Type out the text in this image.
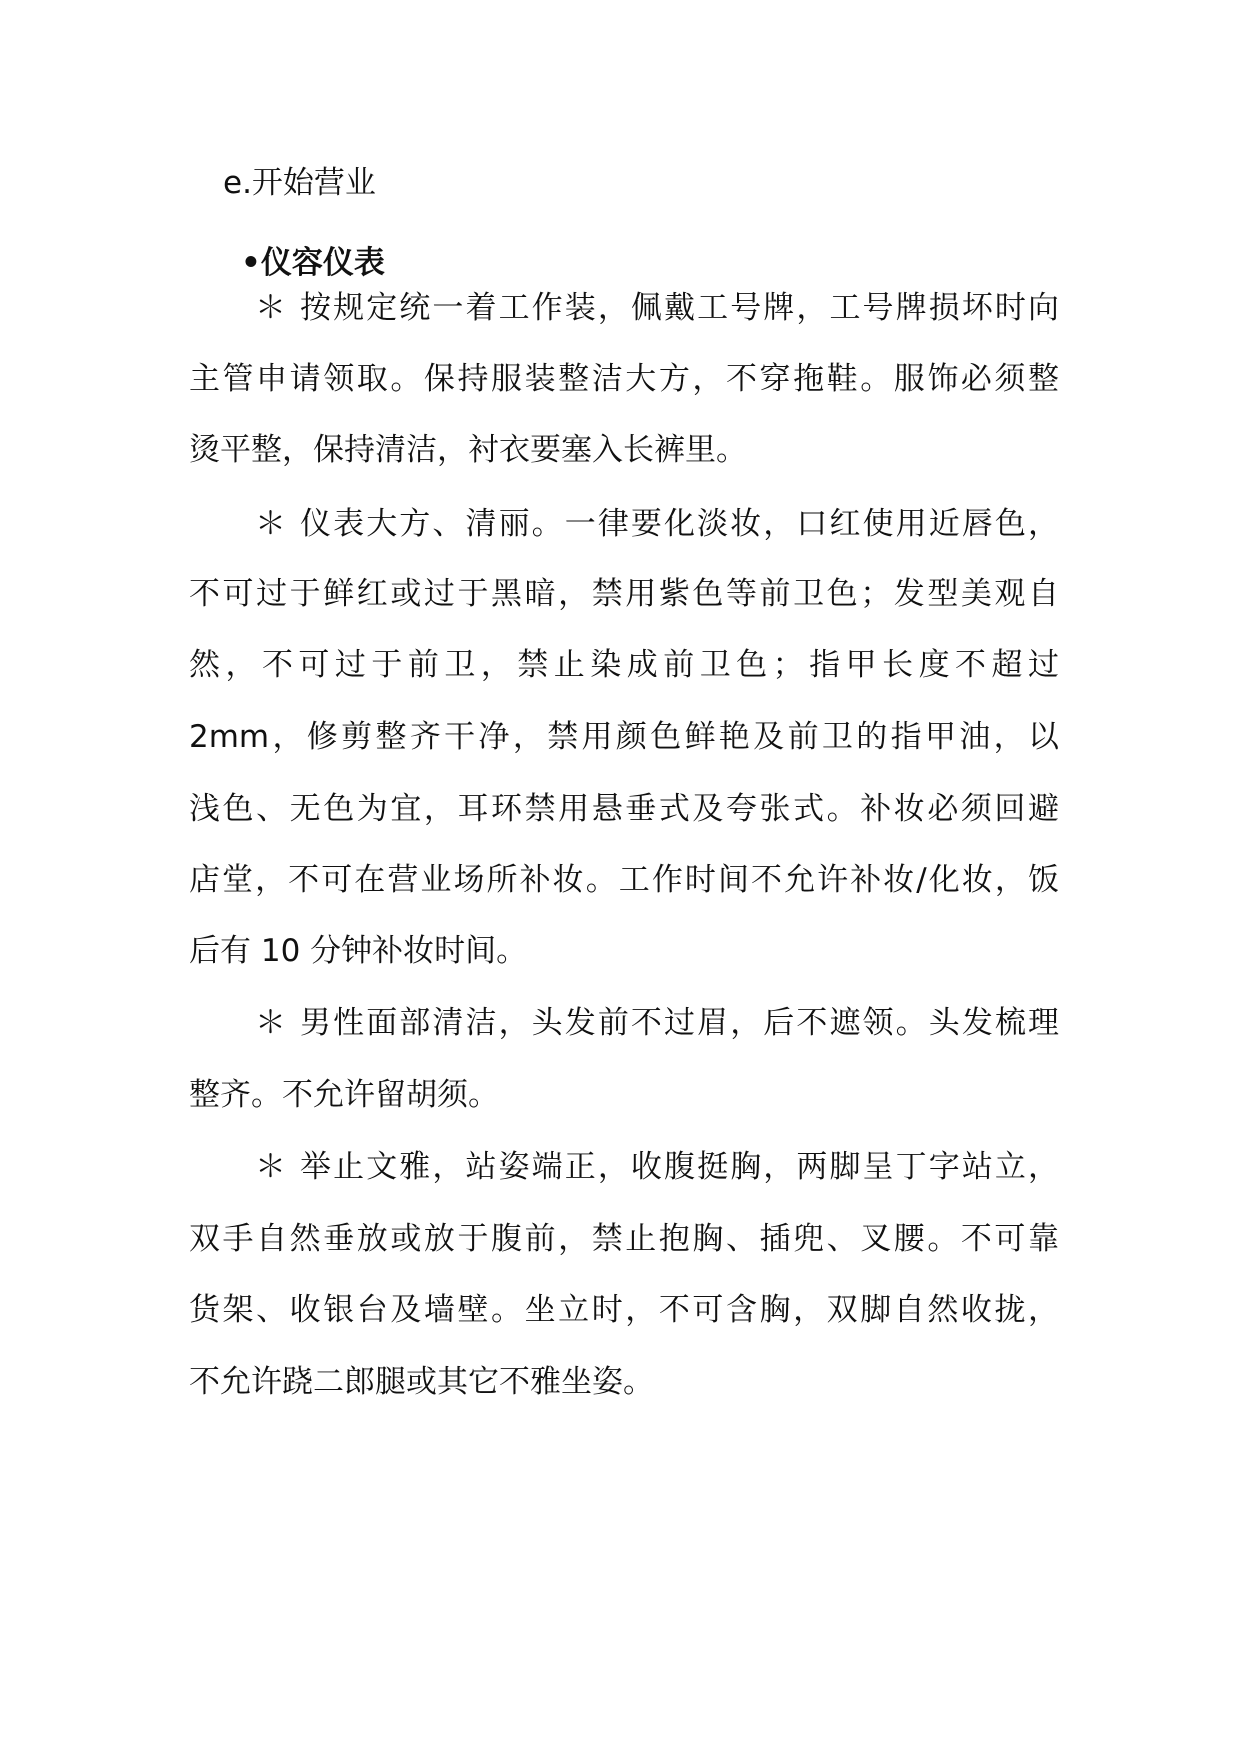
e.开始营业
•仪容仪表
＊ 按规定统一着工作装，佩戴工号牌，工号牌损坏时向
主管申请领取。保持服装整洁大方，不穿拖鞋。服饰必须整
烫平整，保持清洁，衬衣要塞入长裤里。
＊ 仪表大方、清丽。一律要化淡妆，口红使用近唇色，
不可过于鲜红或过于黑暗，禁用紫色等前卫色；发型美观自
然，不可过于前卫，禁止染成前卫色；指甲长度不超过
2mm，修剪整齐干净，禁用颜色鲜艳及前卫的指甲油，以
浅色、无色为宜，耳环禁用悬垂式及夸张式。补妆必须回避
店堂，不可在营业场所补妆。工作时间不允许补妆/化妆，饭
后有 10 分钟补妆时间。
＊ 男性面部清洁，头发前不过眉，后不遮领。头发梳理
整齐。不允许留胡须。
＊ 举止文雅，站姿端正，收腹挺胸，两脚呈丁字站立，
双手自然垂放或放于腹前，禁止抱胸、插兜、叉腰。不可靠
货架、收银台及墙壁。坐立时，不可含胸，双脚自然收拢，
不允许跷二郎腿或其它不雅坐姿。
